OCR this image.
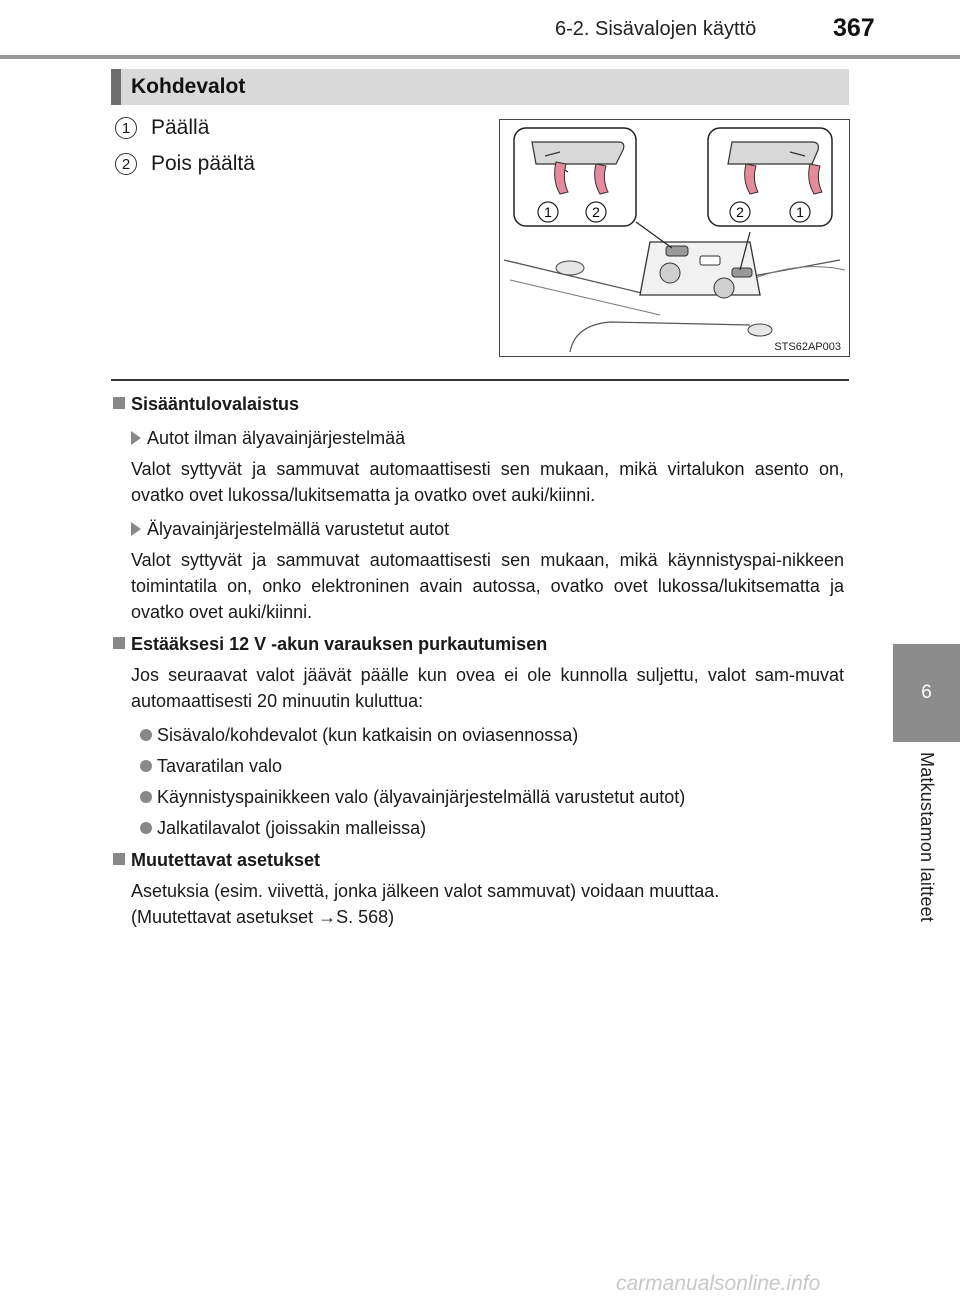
6-2. Sisävalojen käyttö	367
6
Matkustamon laitteet
Kohdevalot
1 Päällä
2 Pois päältä
1	2	2	1
STS62AP003
Sisääntulovalaistus
Autot ilman älyavainjärjestelmää
Valot syttyvät ja sammuvat automaattisesti sen mukaan, mikä virtalukon asento on, ovatko ovet lukossa/lukitsematta ja ovatko ovet auki/kiinni.
Älyavainjärjestelmällä varustetut autot
Valot syttyvät ja sammuvat automaattisesti sen mukaan, mikä käynnistyspai-nikkeen toimintatila on, onko elektroninen avain autossa, ovatko ovet lukossa/lukitsematta ja ovatko ovet auki/kiinni.
Estääksesi 12 V -akun varauksen purkautumisen
Jos seuraavat valot jäävät päälle kun ovea ei ole kunnolla suljettu, valot sam-muvat automaattisesti 20 minuutin kuluttua:
Sisävalo/kohdevalot (kun katkaisin on oviasennossa)
Tavaratilan valo
Käynnistyspainikkeen valo (älyavainjärjestelmällä varustetut autot)
Jalkatilavalot (joissakin malleissa)
Muutettavat asetukset
Asetuksia (esim. viivettä, jonka jälkeen valot sammuvat) voidaan muuttaa.
(Muutettavat asetukset →S. 568)
carmanualsonline.info
